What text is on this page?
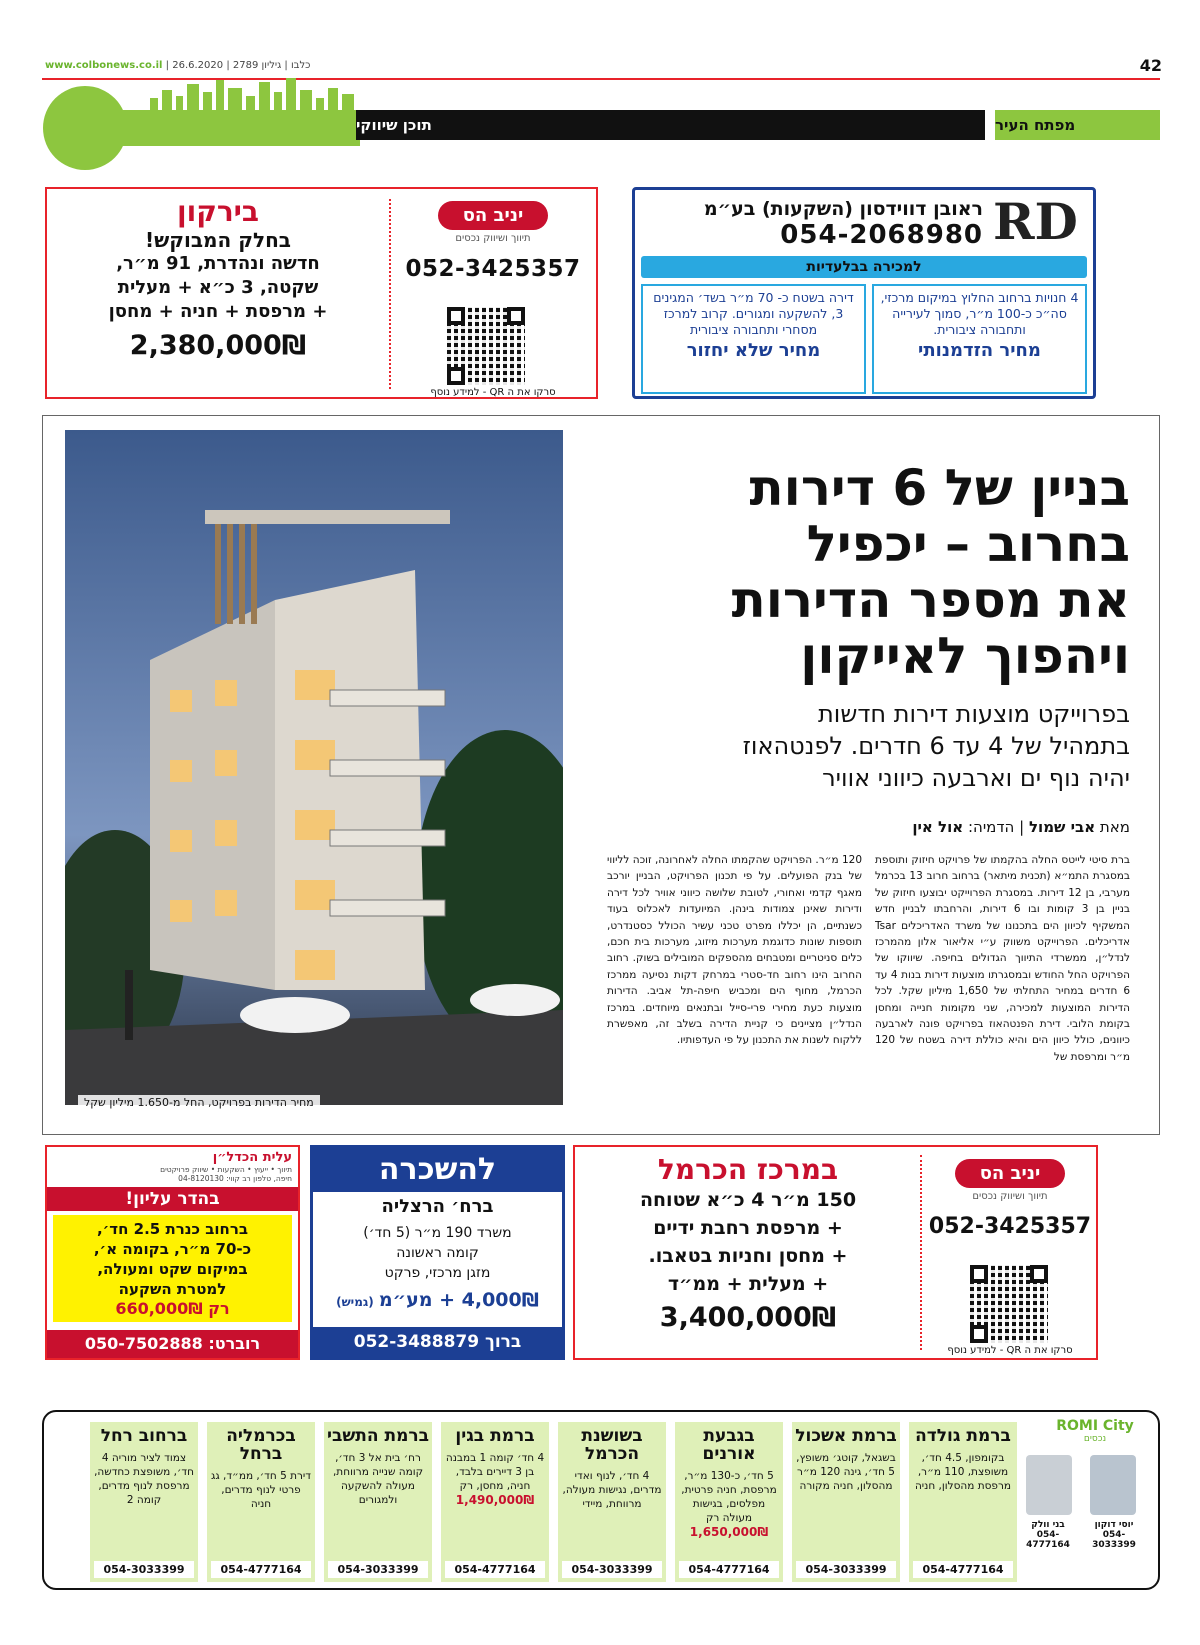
www.colbonews.co.il | כלבו | גיליון 2789 | 26.6.2020	42
מפתח העיר
תוכן שיווקי
RD
ראובן דווידסון (השקעות) בע״מ
054-2068980
למכירה בבלעדיות
4 חנויות ברחוב החלוץ במיקום מרכזי, סה״כ כ-100 מ״ר, סמוך לעירייה ותחבורה ציבורית.
מחיר הזדמנותי
דירה בשטח כ- 70 מ״ר בשד׳ המגינים 3, להשקעה ומגורים. קרוב למרכז מסחרי ותחבורה ציבורית
מחיר שלא יחזור
יניב הס
תיווך ושיווק נכסים
052-3425357
סרקו את ה QR - למידע נוסף
בירקון
בחלק המבוקש!
חדשה ונהדרת, 91 מ״ר,
שקטה, 3 כ״א + מעלית
+ מרפסת + חניה + מחסן
2,380,000₪
מחיר הדירות בפרויקט, החל מ-1.650 מיליון שקל
בניין של 6 דירות
בחרוב – יכפיל
את מספר הדירות
ויהפוך לאייקון
בפרוייקט מוצעות דירות חדשות
בתמהיל של 4 עד 6 חדרים. לפנטהאוז
יהיה נוף ים וארבעה כיווני אוויר
מאת אבי שמול | הדמיה: אול אין
ברת סיטי לייטס החלה בהקמתו של פרויקט חיזוק ותוספת במסגרת התמ״א (תכנית מיתאר) ברחוב חרוב 13 בכרמל מערבי, בן 12 דירות. במסגרת הפרוייקט יבוצעו חיזוק של בניין בן 3 קומות ובו 6 דירות, והרחבתו לבניין חדש המשקיף לכיוון הים בתכנונו של משרד האדריכלים Tsar אדריכלים. הפרוייקט משווק ע״י אליאור אלון מהמרכז לנדל״ן, ממשרדי התיווך הגדולים בחיפה. שיווקו של הפרויקט החל החודש ובמסגרתו מוצעות דירות בנות 4 עד 6 חדרים במחיר התחלתי של 1,650 מיליון שקל. לכל הדירות המוצעות למכירה, שני מקומות חנייה ומחסן בקומת הלובי. דירת הפנטהאוז בפרויקט פונה לארבעה כיוונים, כולל כיוון הים והיא כוללת דירה בשטח של 120 מ״ר ומרפסת של
120 מ״ר. הפרויקט שהקמתו החלה לאחרונה, זוכה לליווי של בנק הפועלים. על פי תכנון הפרויקט, הבניין יורכב מאגף קדמי ואחורי, לטובת שלושה כיווני אוויר לכל דירה ודירות שאינן צמודות בינהן. המיועדות לאכלוס בעוד כשנתיים, הן יכללו מפרט טכני עשיר הכולל כסטנדרט, תוספות שונות כדוגמת מערכות מיזוג, מערכות בית חכם, כלים סניטריים ומטבחים מהספקים המובילים בשוק. רחוב החרוב הינו רחוב חד-סטרי במרחק דקות נסיעה ממרכז הכרמל, מחוף הים ומכביש חיפה-תל אביב. הדירות מוצעות כעת מחירי פרי-סייל ובתנאים מיוחדים. במרכז הנדל״ן מציינים כי קניית הדירה בשלב זה, מאפשרת ללקוח לשנות את התכנון על פי העדפותיו.
יניב הס
תיווך ושיווק נכסים
052-3425357
סרקו את ה QR - למידע נוסף
במרכז הכרמל
150 מ״ר 4 כ״א שטוחה
+ מרפסת רחבת ידיים
+ מחסן וחניות בטאבו.
+ מעלית + ממ״ד
3,400,000₪
להשכרה
ברח׳ הרצליה
משרד 190 מ״ר (5 חד׳)
קומה ראשונה
מזגן מרכזי, פרקט
4,000₪ + מע״מ (גמיש)
ברוך 052-3488879
עלית הכדל״ן
תיווך • ייעוץ • השקעות • שיווק פרויקטים
חיפה, טלפון רב קווי: 04-8120130
בהדר עליון!
ברחוב כנרת 2.5 חד׳,
כ-70 מ״ר, בקומה א׳,
במיקום שקט ומעולה,
למטרת השקעה
רק 660,000₪
רוברט: 050-7502888
ROMI City
נכסים
יוסי דוקון
054-3033399
בני וולק
054-4777164
ברמת גולדה
בקומפון, 4.5 חד׳, משופצת, 110 מ״ר, מרפסת מהסלון, חניה
054-4777164
ברמת אשכול
בשגאל, קוטג׳ משופץ, 5 חד׳, גינה 120 מ״ר מהסלון, חניה מקורה
054-3033399
בגבעת אורנים
5 חד׳, כ-130 מ״ר, מרפסת, חניה פרטית, מפלסים, בגישות מעולה רק
1,650,000₪
054-4777164
בשושנת הכרמל
4 חד׳, לנוף ואדי מדרים, נגישות מעולה, מרווחת, מיידי
054-3033399
ברמת בגין
4 חד׳ קומה 1 במבנה בן 3 דיירים בלבד, חניה, מחסן, רק
1,490,000₪
054-4777164
ברמת התשבי
רח׳ בית אל 3 חד׳, קומה שנייה מרווחת, מעולה להשקעה ולמגורים
054-3033399
בכרמליה ברחל
דירת 5 חד׳, ממ״ד, גג פרטי לנוף מדרים, חניה
054-4777164
ברחוב רחל
צמוד לציר מוריה 4 חד׳, משופצת כחדשה, מרפסת לנוף מדרים, קומה 2
054-3033399
